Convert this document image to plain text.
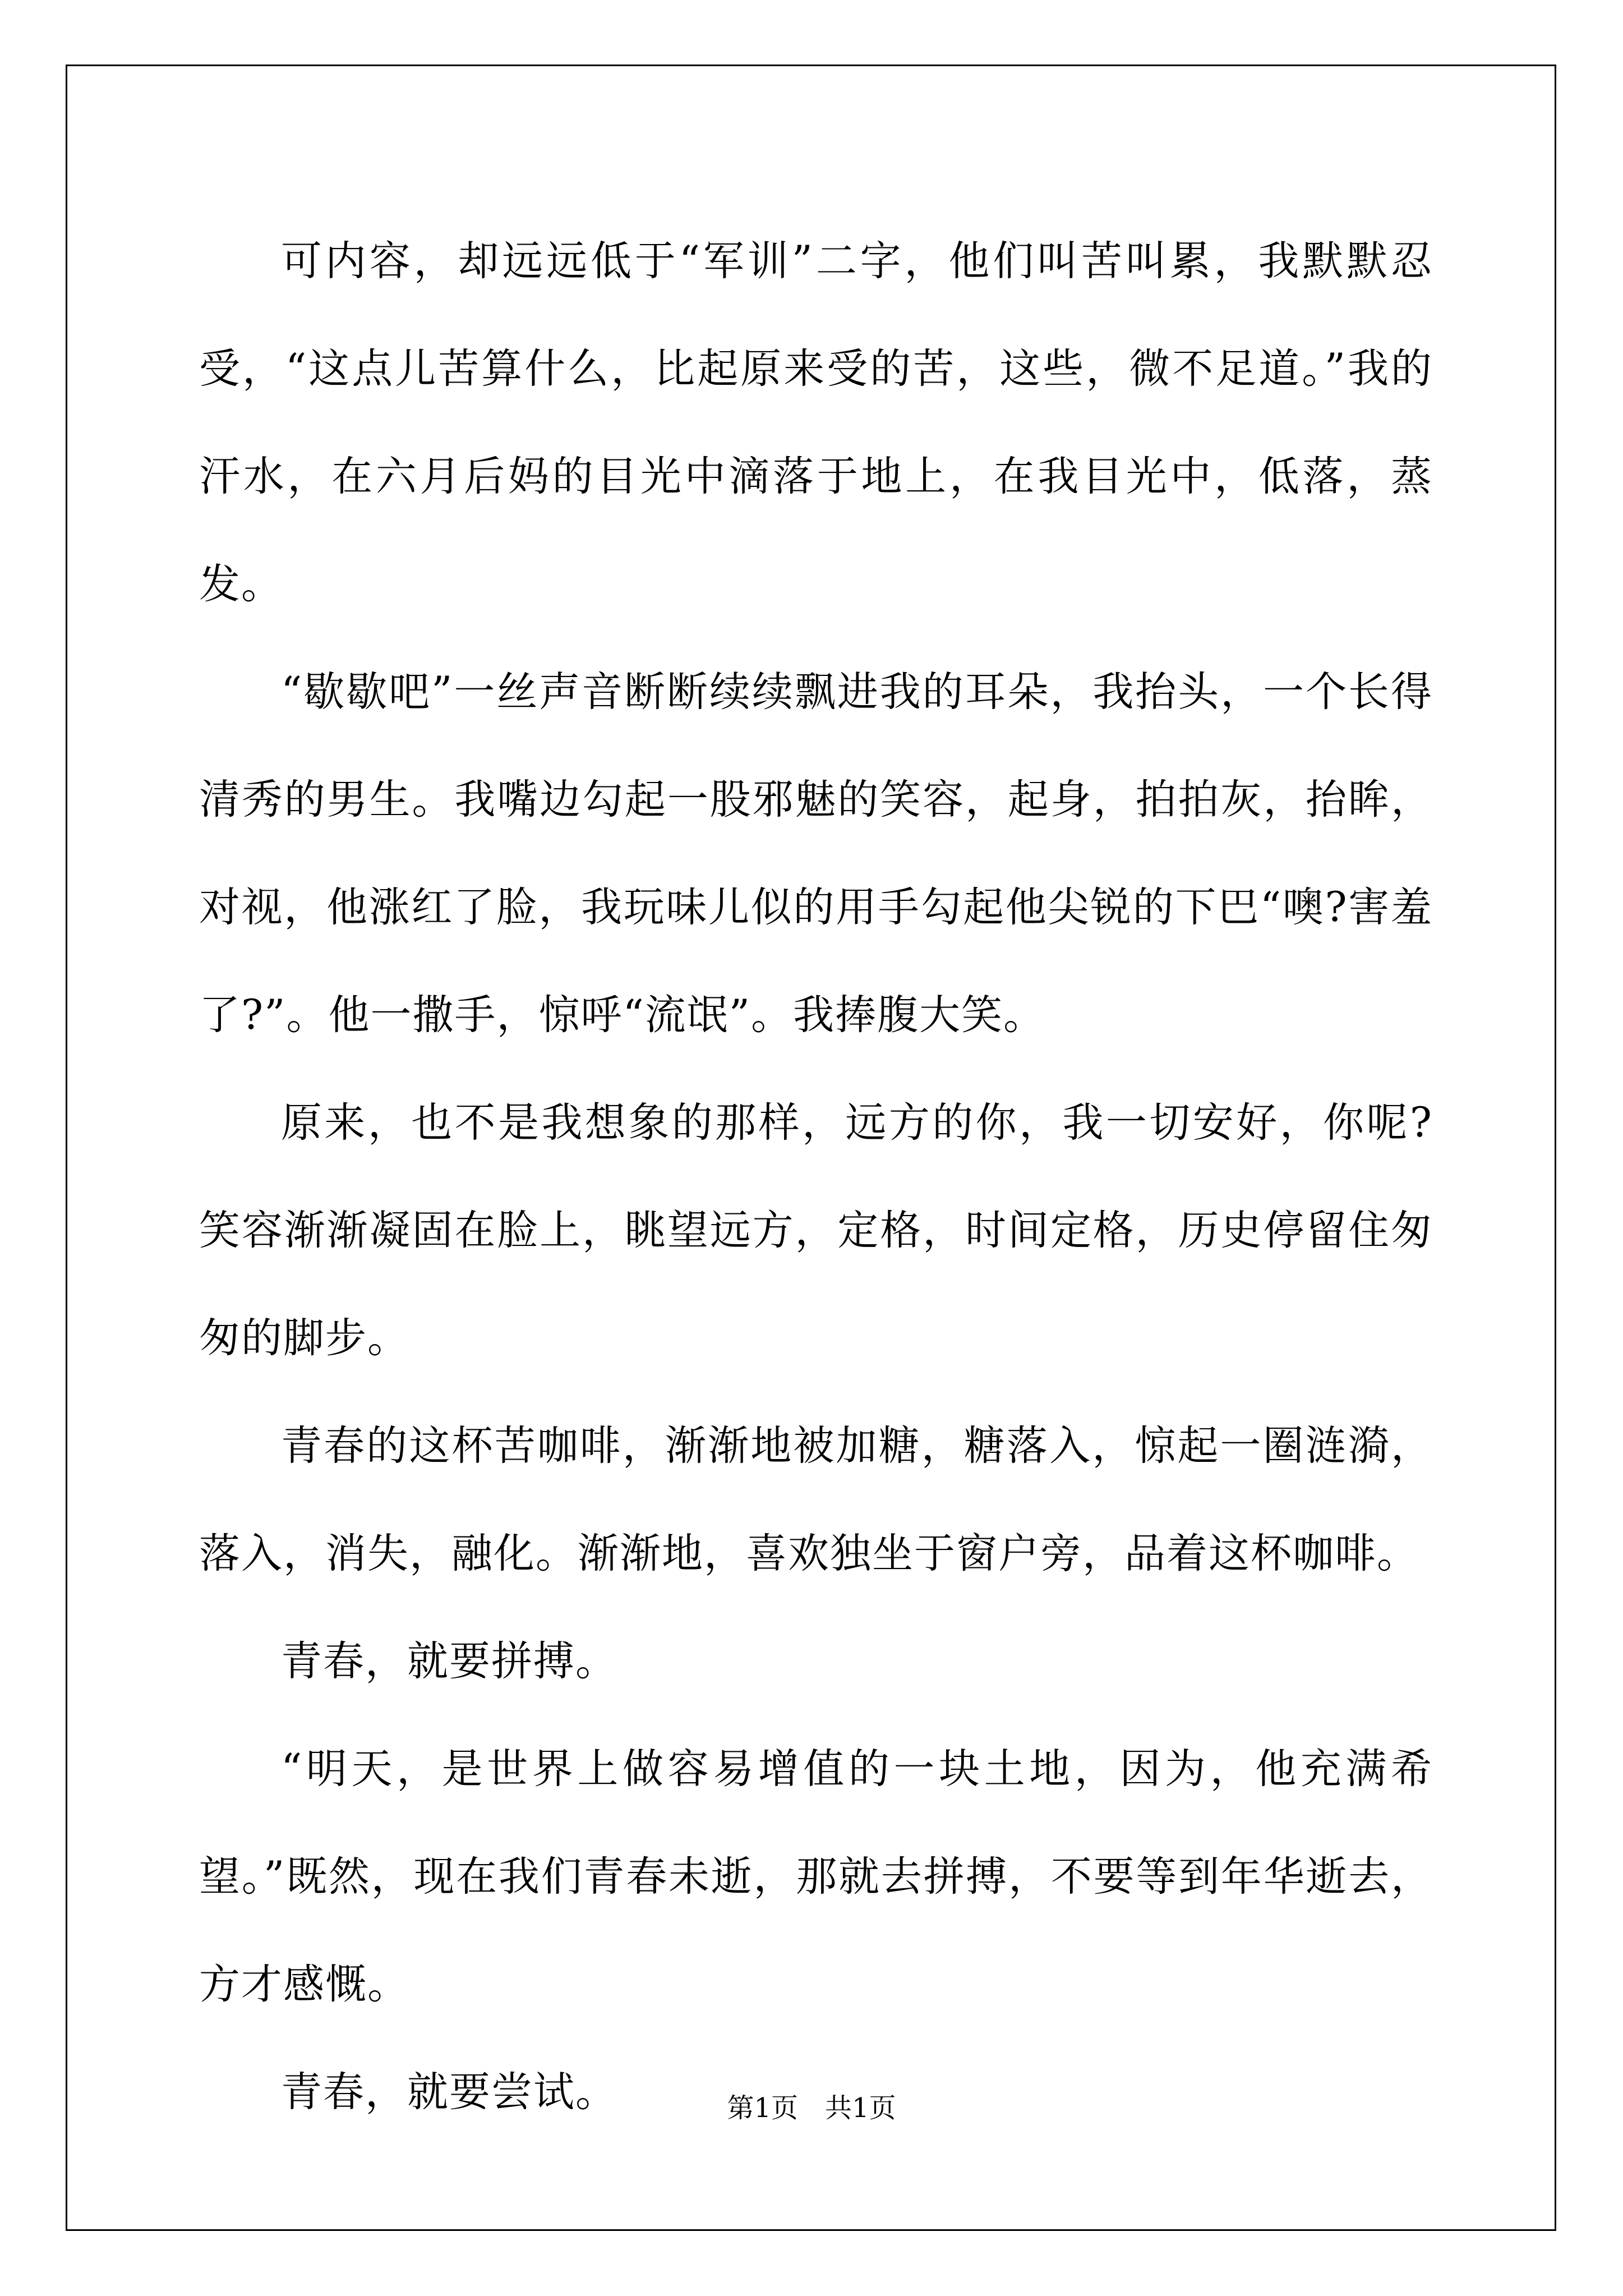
可内容，却远远低于“军训”二字，他们叫苦叫累，我默默忍受，“这点儿苦算什么，比起原来受的苦，这些，微不足道。”我的汗水，在六月后妈的目光中滴落于地上，在我目光中，低落，蒸发。

“歇歇吧”一丝声音断断续续飘进我的耳朵，我抬头，一个长得清秀的男生。我嘴边勾起一股邪魅的笑容，起身，拍拍灰，抬眸，对视，他涨红了脸，我玩味儿似的用手勾起他尖锐的下巴“噢?害羞了?”。他一撒手，惊呼“流氓”。我捧腹大笑。

原来，也不是我想象的那样，远方的你，我一切安好，你呢?笑容渐渐凝固在脸上，眺望远方，定格，时间定格，历史停留住匆匆的脚步。

青春的这杯苦咖啡，渐渐地被加糖，糖落入，惊起一圈涟漪，落入，消失，融化。渐渐地，喜欢独坐于窗户旁，品着这杯咖啡。

青春，就要拼搏。

“明天，是世界上做容易增值的一块土地，因为，他充满希望。”既然，现在我们青春未逝，那就去拼搏，不要等到年华逝去，方才感慨。

青春，就要尝试。	第1页　共1页
